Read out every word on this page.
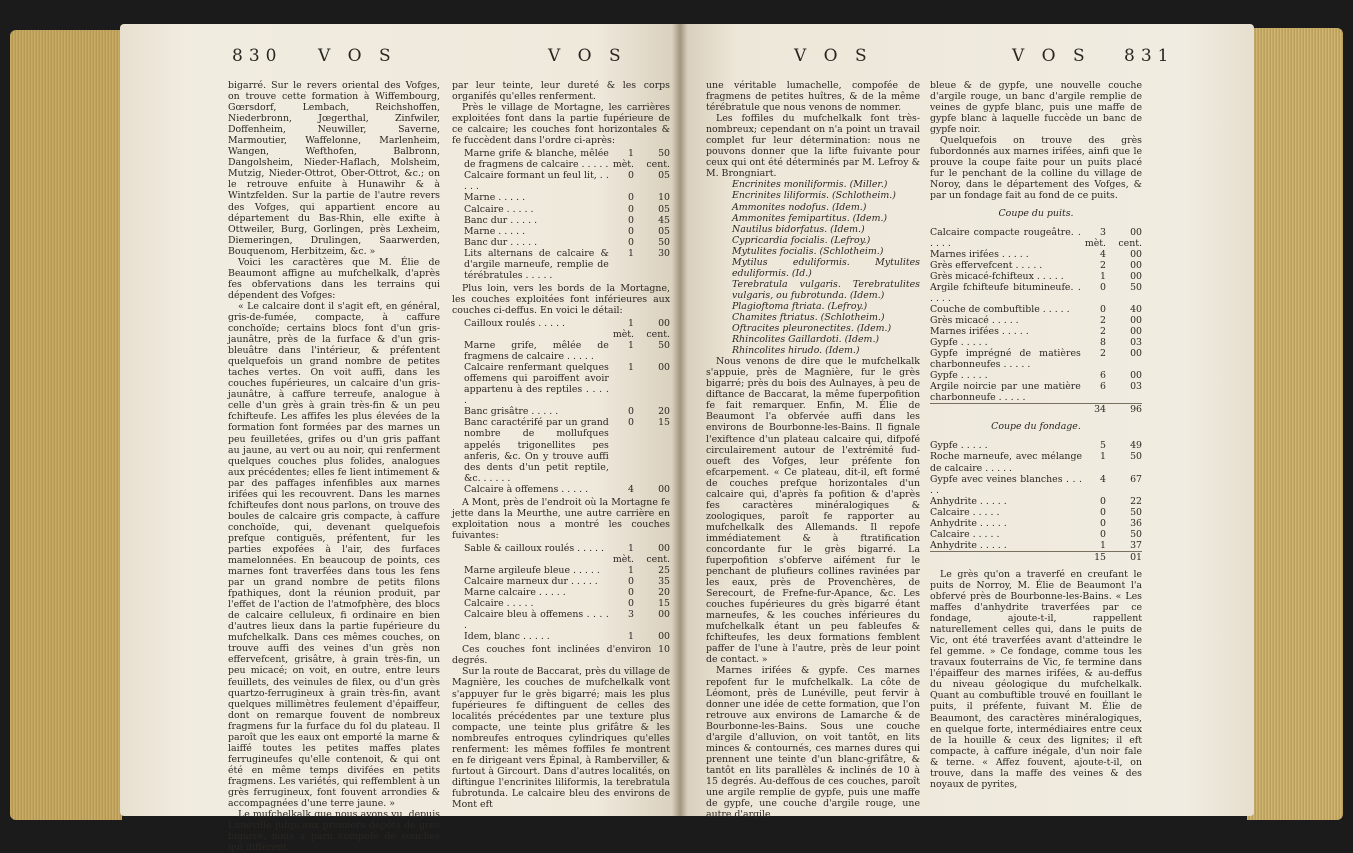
830 V O S	V O S	V O S	V O S 831

bigarré. Sur le revers oriental des Vofges, on trouve cette formation à Wiffembourg, Gœrsdorf, Lembach, Reichshoffen, Niederbronn, Jœgerthal, Zinfwiler, Doffenheim, Neuwiller, Saverne, Marmoutier, Waffelonne, Marlenheim, Wangen, Wefthofen, Balbronn, Dangolsheim, Nieder-Haflach, Molsheim, Mutzig, Nieder-Ottrot, Ober-Ottrot, &c.; on le retrouve enfuite à Hunawihr & à Wintzfelden. Sur la partie de l'autre revers des Vofges, qui appartient encore au département du Bas-Rhin, elle exifte à Ottweiler, Burg, Gorlingen, près Lexheim, Diemeringen, Drulingen, Saarwerden, Bouquenom, Herbitzeim, &c. »

Voici les caractères que M. Élie de Beaumont affigne au mufchelkalk, d'après fes obfervations dans les terrains qui dépendent des Vofges:

« Le calcaire dont il s'agit eft, en général, gris-de-fumée, compacte, à caffure conchoïde; certains blocs font d'un gris-jaunâtre, près de la furface & d'un gris-bleuâtre dans l'intérieur, & préfentent quelquefois un grand nombre de petites taches vertes. On voit auffi, dans les couches fupérieures, un calcaire d'un gris-jaunâtre, à caffure terreufe, analogue à celle d'un grès à grain très-fin & un peu fchifteufe. Les affifes les plus élevées de la formation font formées par des marnes un peu feuilletées, grifes ou d'un gris paffant au jaune, au vert ou au noir, qui renferment quelques couches plus folides, analogues aux précédentes; elles fe lient intimement & par des paffages infenfibles aux marnes irifées qui les recouvrent. Dans les marnes fchifteufes dont nous parlons, on trouve des boules de calcaire gris compacte, à caffure conchoïde, qui, devenant quelquefois prefque contiguës, préfentent, fur les parties expofées à l'air, des furfaces mamelonnées. En beaucoup de points, ces marnes font traverfées dans tous les fens par un grand nombre de petits filons fpathiques, dont la réunion produit, par l'effet de l'action de l'atmofphère, des blocs de calcaire celluleux, fi ordinaire en bien d'autres lieux dans la partie fupérieure du mufchelkalk. Dans ces mêmes couches, on trouve auffi des veines d'un grès non effervefcent, grisâtre, à grain très-fin, un peu micacé; on voit, en outre, entre leurs feuillets, des veinules de filex, ou d'un grès quartzo-ferrugineux à grain très-fin, avant quelques millimètres feulement d'épaiffeur, dont on remarque fouvent de nombreux fragmens fur la furface du fol du plateau. Il paroît que les eaux ont emporté la marne & laiffé toutes les petites maffes plates ferrugineufes qu'elle contenoit, & qui ont été en même temps divifées en petits fragmens. Les variétés, qui reffemblent à un grès ferrugineux, font fouvent arrondies & accompagnées d'une terre jaune. »

Le mufchelkalk que nous avons vu, depuis Lunéville jufqu'aux premiers dépôts de grès bigarré, nous a paru compofé de couches qui diffèrent

par leur teinte, leur dureté & les corps organifés qu'elles renferment.

Près le village de Mortagne, les carrières exploitées font dans la partie fupérieure de ce calcaire; les couches font horizontales & fe fuccèdent dans l'ordre ci-après:

Marne grife & blanche, mêlée de fragmens de calcaire . . . . .	1 mèt.	50 cent.
Calcaire formant un feul lit, . . . . .	0	05
Marne . . . . .	0	10
Calcaire . . . . .	0	05
Banc dur . . . . .	0	45
Marne . . . . .	0	05
Banc dur . . . . .	0	50
Lits alternans de calcaire & d'argile marneufe, remplie de térébratules . . . . .	1	30

Plus loin, vers les bords de la Mortagne, les couches exploitées font inférieures aux couches ci-deffus. En voici le détail:

Cailloux roulés . . . . .	1 mèt.	00 cent.
Marne grife, mêlée de fragmens de calcaire . . . . .	1	50
Calcaire renfermant quelques offemens qui paroiffent avoir appartenu à des reptiles . . . . .	1	00
Banc grisâtre . . . . .	0	20
Banc caractérifé par un grand nombre de mollufques appelés trigonellites pes anferis, &c. On y trouve auffi des dents d'un petit reptile, &c. . . . . .	0	15
Calcaire à offemens . . . . .	4	00

A Mont, près de l'endroit où la Mortagne fe jette dans la Meurthe, une autre carrière en exploitation nous a montré les couches fuivantes:

Sable & cailloux roulés . . . . .	1 mèt.	00 cent.
Marne argileufe bleue . . . . .	1	25
Calcaire marneux dur . . . . .	0	35
Marne calcaire . . . . .	0	20
Calcaire . . . . .	0	15
Calcaire bleu à offemens . . . . .	3	00
Idem, blanc . . . . .	1	00

Ces couches font inclinées d'environ 10 degrés.

Sur la route de Baccarat, près du village de Magnière, les couches de mufchelkalk vont s'appuyer fur le grès bigarré; mais les plus fupérieures fe diftinguent de celles des localités précédentes par une texture plus compacte, une teinte plus grifâtre & les nombreufes entroques cylindriques qu'elles renferment: les mêmes foffiles fe montrent en fe dirigeant vers Épinal, à Ramberviller, & furtout à Gircourt. Dans d'autres localités, on diftingue l'encrinites liliformis, la terebratula fubrotunda. Le calcaire bleu des environs de Mont eft

une véritable lumachelle, compofée de fragmens de petites huîtres, & de la même térébratule que nous venons de nommer.

Les foffiles du mufchelkalk font très-nombreux; cependant on n'a point un travail complet fur leur détermination: nous ne pouvons donner que la lifte fuivante pour ceux qui ont été déterminés par M. Lefroy & M. Brongniart.

Encrinites moniliformis. (Miller.)
Encrinites liliformis. (Schlotheim.)
Ammonites nodofus. (Idem.)
Ammonites femipartitus. (Idem.)
Nautilus bidorfatus. (Idem.)
Cypricardia focialis. (Lefroy.)
Mytulites focialis. (Schlotheim.)
Mytilus eduliformis. Mytulites eduliformis. (Id.)
Terebratula vulgaris. Terebratulites vulgaris, ou fubrotunda. (Idem.)
Plagioftoma ftriata. (Lefroy.)
Chamites ftriatus. (Schlotheim.)
Oftracites pleuronectites. (Idem.)
Rhincolites Gaillardoti. (Idem.)
Rhincolites hirudo. (Idem.)

Nous venons de dire que le mufchelkalk s'appuie, près de Magnière, fur le grès bigarré; près du bois des Aulnayes, à peu de diftance de Baccarat, la même fuperpofition fe fait remarquer. Enfin, M. Élie de Beaumont l'a obfervée auffi dans les environs de Bourbonne-les-Bains. Il fignale l'exiftence d'un plateau calcaire qui, difpofé circulairement autour de l'extrémité fud-oueft des Vofges, leur préfente fon efcarpement. « Ce plateau, dit-il, eft formé de couches prefque horizontales d'un calcaire qui, d'après fa pofition & d'après fes caractères minéralogiques & zoologiques, paroît fe rapporter au mufchelkalk des Allemands. Il repofe immédiatement & à ftratification concordante fur le grès bigarré. La fuperpofition s'obferve aifément fur le penchant de plufieurs collines ravinées par les eaux, près de Provenchères, de Serecourt, de Frefne-fur-Apance, &c. Les couches fupérieures du grès bigarré étant marneufes, & les couches inférieures du mufchelkalk étant un peu fableufes & fchifteufes, les deux formations femblent paffer de l'une à l'autre, près de leur point de contact. »

Marnes irifées & gypfe. Ces marnes repofent fur le mufchelkalk. La côte de Léomont, près de Lunéville, peut fervir à donner une idée de cette formation, que l'on retrouve aux environs de Lamarche & de Bourbonne-les-Bains. Sous une couche d'argile d'alluvion, on voit tantôt, en lits minces & contournés, ces marnes dures qui prennent une teinte d'un blanc-grifâtre, & tantôt en lits parallèles & inclinés de 10 à 15 degrés. Au-deffous de ces couches, paroît une argile remplie de gypfe, puis une maffe de gypfe, une couche d'argile rouge, une autre d'argile

bleue & de gypfe, une nouvelle couche d'argile rouge, un banc d'argile remplie de veines de gypfe blanc, puis une maffe de gypfe blanc à laquelle fuccède un banc de gypfe noir.

Quelquefois on trouve des grès fubordonnés aux marnes irifées, ainfi que le prouve la coupe faite pour un puits placé fur le penchant de la colline du village de Noroy, dans le département des Vofges, & par un fondage fait au fond de ce puits.

Coupe du puits.
Calcaire compacte rougeâtre. . . . . .	3 mèt.	00 cent.
Marnes irifées . . . . .	4	00
Grès effervefcent . . . . .	2	00
Grès micacé-fchifteux . . . . .	1	00
Argile fchifteufe bitumineufe. . . . . .	0	50
Couche de combuftible . . . . .	0	40
Grès micacé . . . . .	2	00
Marnes irifées . . . . .	2	00
Gypfe . . . . .	8	03
Gypfe imprégné de matières charbonneufes . . . . .	2	00
Gypfe . . . . .	6	00
Argile noircie par une matière charbonneufe . . . . .	6	03
	34	96
Coupe du fondage.
Gypfe . . . . .	5	49
Roche marneufe, avec mélange de calcaire . . . . .	1	50
Gypfe avec veines blanches . . . . .	4	67
Anhydrite . . . . .	0	22
Calcaire . . . . .	0	50
Anhydrite . . . . .	0	36
Calcaire . . . . .	0	50
Anhydrite . . . . .	1	37
	15	01

Le grès qu'on a traverfé en creufant le puits de Norroy, M. Élie de Beaumont l'a obfervé près de Bourbonne-les-Bains. « Les maffes d'anhydrite traverfées par ce fondage, ajoute-t-il, rappellent naturellement celles qui, dans le puits de Vic, ont été traverfées avant d'atteindre le fel gemme. » Ce fondage, comme tous les travaux fouterrains de Vic, fe termine dans l'épaiffeur des marnes irifées, & au-deffus du niveau géologique du mufchelkalk. Quant au combuftible trouvé en fouillant le puits, il préfente, fuivant M. Élie de Beaumont, des caractères minéralogiques, en quelque forte, intermédiaires entre ceux de la houille & ceux des lignites; il eft compacte, à caffure inégale, d'un noir fale & terne. « Affez fouvent, ajoute-t-il, on trouve, dans la maffe des veines & des noyaux de pyrites,
